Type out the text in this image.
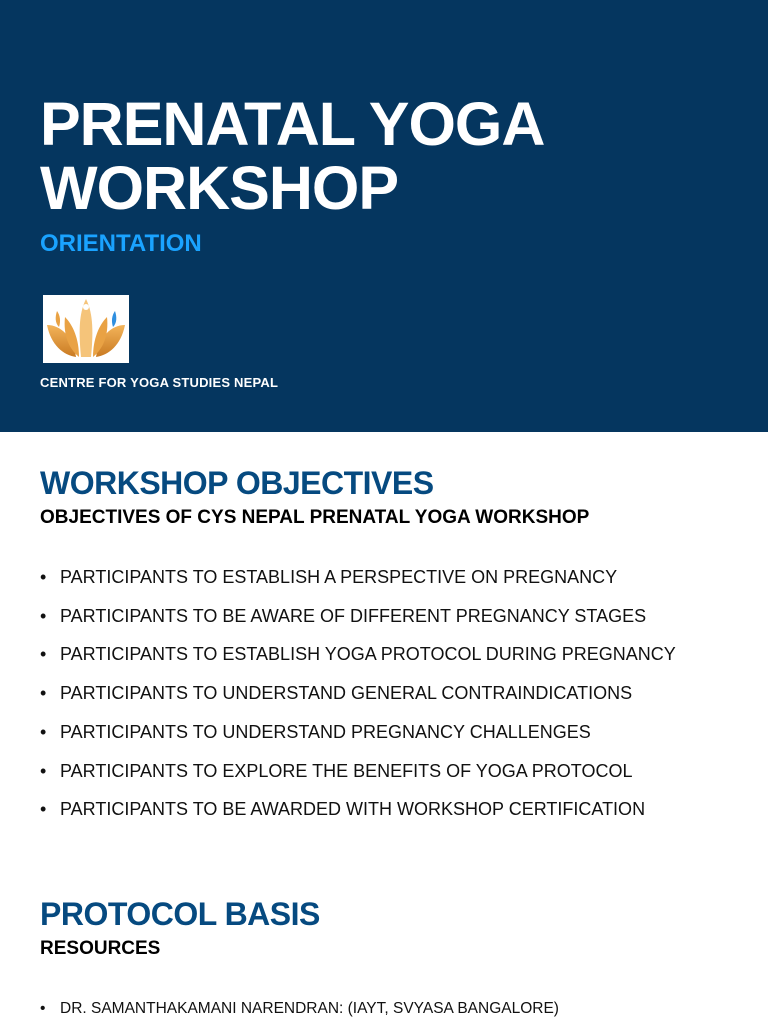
PRENATAL YOGA WORKSHOP
ORIENTATION
CENTRE FOR YOGA STUDIES NEPAL
WORKSHOP OBJECTIVES
OBJECTIVES OF CYS NEPAL PRENATAL YOGA WORKSHOP
• PARTICIPANTS TO ESTABLISH A PERSPECTIVE ON PREGNANCY
• PARTICIPANTS TO BE AWARE OF DIFFERENT PREGNANCY STAGES
• PARTICIPANTS TO ESTABLISH YOGA PROTOCOL DURING PREGNANCY
• PARTICIPANTS TO UNDERSTAND GENERAL CONTRAINDICATIONS
• PARTICIPANTS TO UNDERSTAND PREGNANCY CHALLENGES
• PARTICIPANTS TO EXPLORE THE BENEFITS OF YOGA PROTOCOL
• PARTICIPANTS TO BE AWARDED WITH WORKSHOP CERTIFICATION
PROTOCOL BASIS
RESOURCES
• DR. SAMANTHAKAMANI NARENDRAN: (IAYT, SVYASA BANGALORE)
